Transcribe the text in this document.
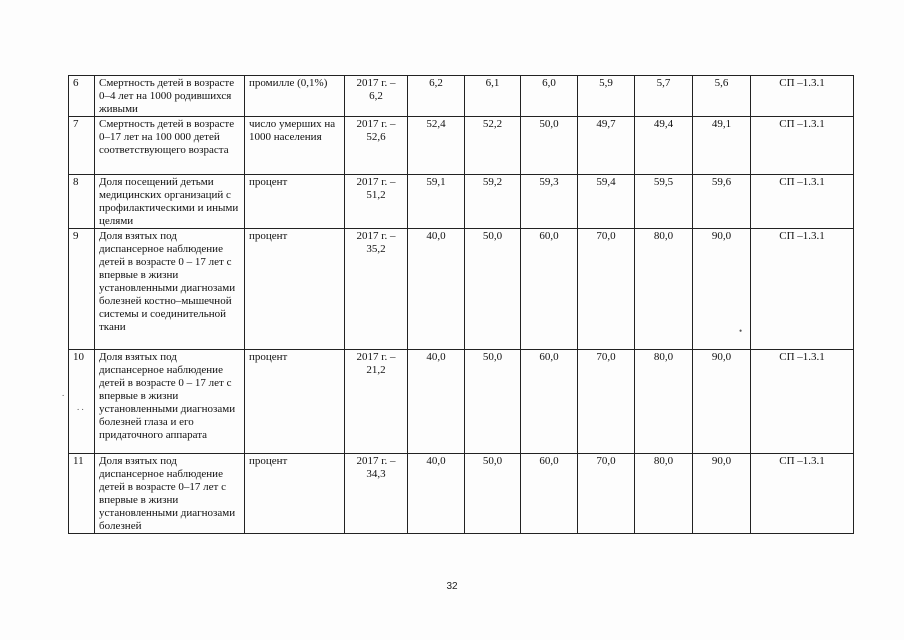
6	Смертность детей в возрасте 0–4 лет на 1000 родившихся живыми	промилле (0,1%)	2017 г. – 6,2	6,2	6,1	6,0	5,9	5,7	5,6	СП –1.3.1
7	Смертность детей в возрасте 0–17 лет на 100 000 детей соответствующего возраста	число умерших на 1000 населения	2017 г. – 52,6	52,4	52,2	50,0	49,7	49,4	49,1	СП –1.3.1
8	Доля посещений детьми медицинских организаций с профилактическими и иными целями	процент	2017 г. – 51,2	59,1	59,2	59,3	59,4	59,5	59,6	СП –1.3.1
9	Доля взятых под диспансерное наблюдение детей в возрасте 0 – 17 лет с впервые в жизни установленными диагнозами болезней костно–мышечной системы и соединительной ткани	процент	2017 г. – 35,2	40,0	50,0	60,0	70,0	80,0	90,0	СП –1.3.1
10	Доля взятых под диспансерное наблюдение детей в возрасте 0 – 17 лет с впервые в жизни установленными диагнозами болезней глаза и его придаточного аппарата	процент	2017 г. – 21,2	40,0	50,0	60,0	70,0	80,0	90,0	СП –1.3.1
11	Доля взятых под диспансерное наблюдение детей в возрасте 0–17 лет с впервые в жизни установленными диагнозами болезней	процент	2017 г. – 34,3	40,0	50,0	60,0	70,0	80,0	90,0	СП –1.3.1
.
. .
•
32
